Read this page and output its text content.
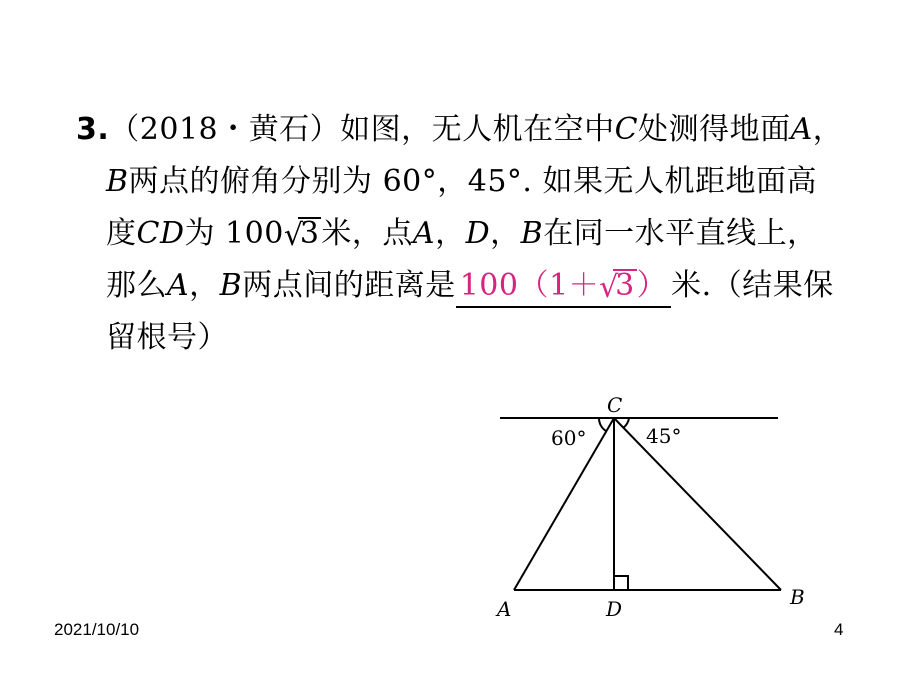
3.（2018・黄石）如图，无人机在空中C处测得地面A，
B两点的俯角分别为 60°，45°. 如果无人机距地面高
度CD为 100 √
3米，点A，D，B在同一水平直线上，
那么A，B两点间的距离是 100（1＋ √
3） 米.（结果保
留根号）
C
60°	45°
A	D	B
2021/10/10	4
